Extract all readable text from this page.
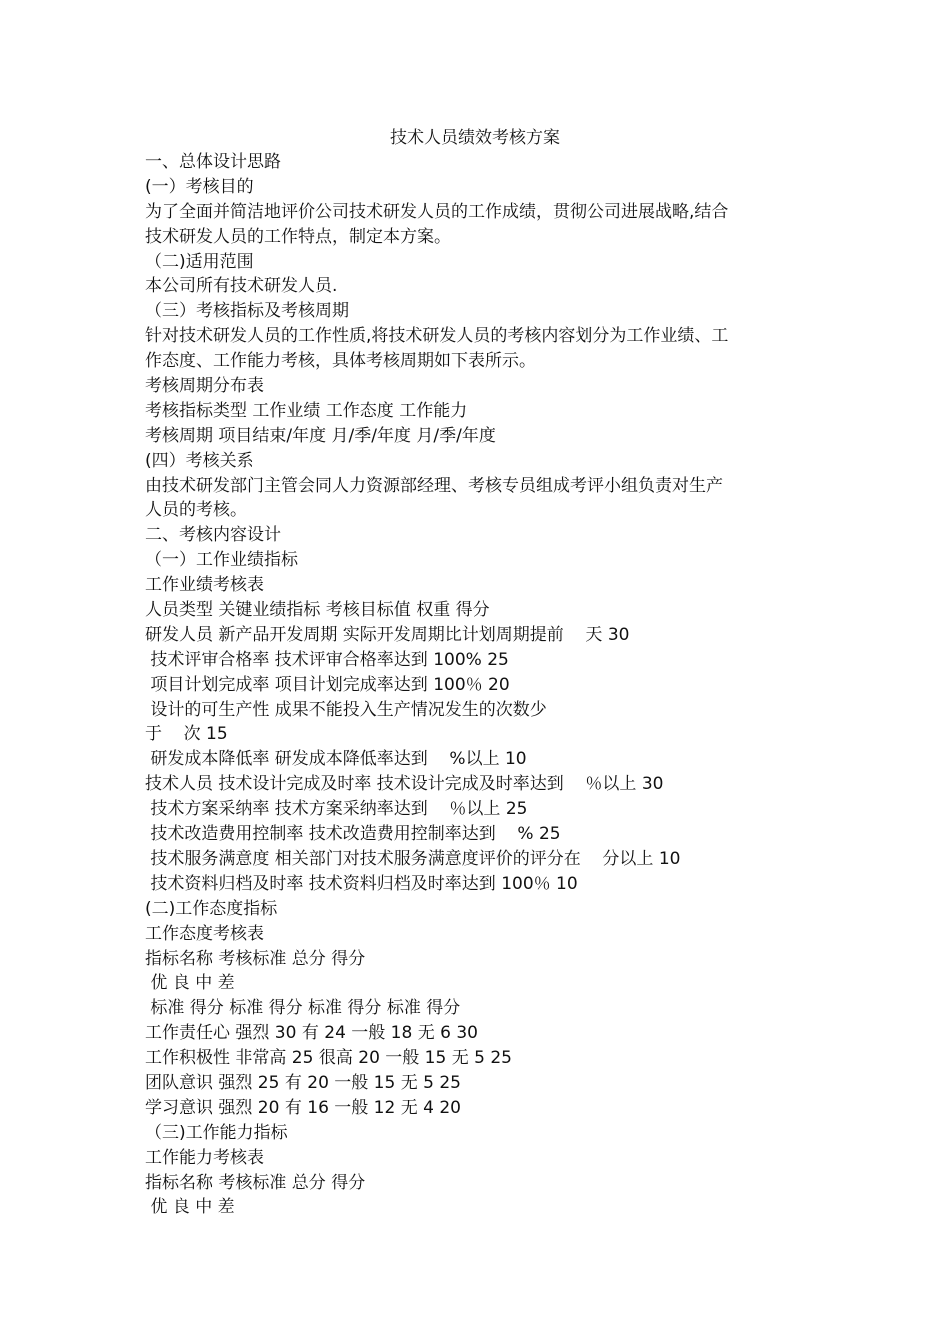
技术人员绩效考核方案
一、总体设计思路
(一）考核目的
为了全面并简洁地评价公司技术研发人员的工作成绩，贯彻公司进展战略,结合
技术研发人员的工作特点，制定本方案。
（二)适用范围
本公司所有技术研发人员.
（三）考核指标及考核周期
针对技术研发人员的工作性质,将技术研发人员的考核内容划分为工作业绩、工
作态度、工作能力考核，具体考核周期如下表所示。
考核周期分布表
考核指标类型 工作业绩 工作态度 工作能力
考核周期 项目结束/年度 月/季/年度 月/季/年度
(四）考核关系
由技术研发部门主管会同人力资源部经理、考核专员组成考评小组负责对生产
人员的考核。
二、考核内容设计
（一）工作业绩指标
工作业绩考核表
人员类型 关键业绩指标 考核目标值 权重 得分
研发人员 新产品开发周期 实际开发周期比计划周期提前    天 30
技术评审合格率 技术评审合格率达到 100% 25
项目计划完成率 项目计划完成率达到 100％ 20
设计的可生产性 成果不能投入生产情况发生的次数少
于    次 15
研发成本降低率 研发成本降低率达到    %以上 10
技术人员 技术设计完成及时率 技术设计完成及时率达到    ％以上 30
技术方案采纳率 技术方案采纳率达到    ％以上 25
技术改造费用控制率 技术改造费用控制率达到    % 25
技术服务满意度 相关部门对技术服务满意度评价的评分在    分以上 10
技术资料归档及时率 技术资料归档及时率达到 100％ 10
(二)工作态度指标
工作态度考核表
指标名称 考核标准 总分 得分
优 良 中 差
标准 得分 标准 得分 标准 得分 标准 得分
工作责任心 强烈 30 有 24 一般 18 无 6 30
工作积极性 非常高 25 很高 20 一般 15 无 5 25
团队意识 强烈 25 有 20 一般 15 无 5 25
学习意识 强烈 20 有 16 一般 12 无 4 20
（三)工作能力指标
工作能力考核表
指标名称 考核标准 总分 得分
优 良 中 差
